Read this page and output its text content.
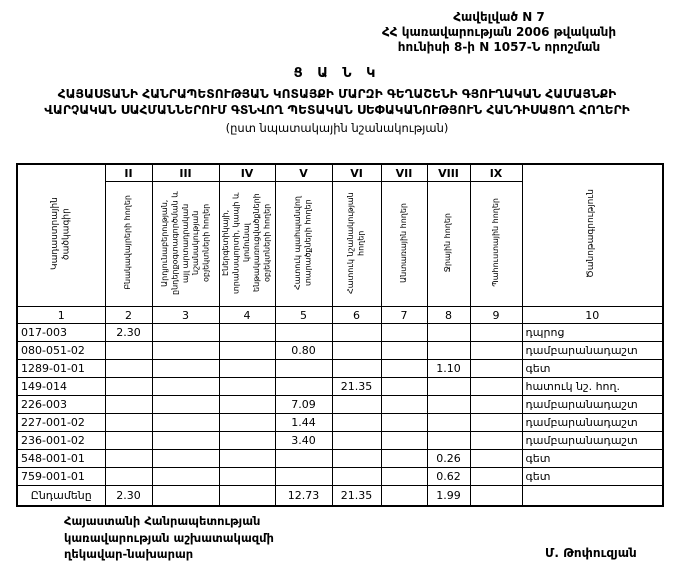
Հավելված N 7
ՀՀ կառավարության 2006 թվականի
հունիսի 8-ի N 1057-Ն որոշման
Ց Ա Ն Կ
ՀԱՅԱՍՏԱՆԻ ՀԱՆՐԱՊԵՏՈՒԹՅԱՆ ԿՈՏԱՅՔԻ ՄԱՐԶԻ ԳԵՂԱՇԵՆԻ ԳՅՈՒՂԱԿԱՆ ՀԱՄԱՅՆՔԻ
ՎԱՐՉԱԿԱՆ ՍԱՀՄԱՆՆԵՐՈՒՄ ԳՏՆՎՈՂ ՊԵՏԱԿԱՆ ՍԵՓԱԿԱՆՈՒԹՅՈՒՆ ՀԱՆԴԻՍԱՑՈՂ ՀՈՂԵՐԻ
(ըստ նպատակային նշանակության)
Կադաստրային ծածկագիր	II	III	IV	V	VI	VII	VIII	IX	Ծանոթագրություն
	Բնակավայրերի հողեր	Արդյունաբերության, ընդերքօգտագործման և այլ արտադրական նշանակության օբյեկտների հողեր	Էներգետիկայի, տրանսպորտի, կապի և կոմունալ ենթակառուցվածքների օբյեկտների հողեր	Հատուկ պահպանվող տարածքների հողեր	Հատուկ նշանակության հողեր	Անտառային հողեր	Ջրային հողեր	Պահուստային հողեր	
1	2	3	4	5	6	7	8	9	10
017-003	2.30								դպրոց
080-051-02				0.80					դամբարանադաշտ
1289-01-01							1.10		գետ
149-014					21.35				հատուկ նշ. հող.
226-003				7.09					դամբարանադաշտ
227-001-02				1.44					դամբարանադաշտ
236-001-02				3.40					դամբարանադաշտ
548-001-01							0.26		գետ
759-001-01							0.62		գետ
Ընդամենը	2.30			12.73	21.35		1.99		
Հայաստանի Հանրապետության
կառավարության աշխատակազմի
ղեկավար-նախարար	Մ. Թոփուզյան
